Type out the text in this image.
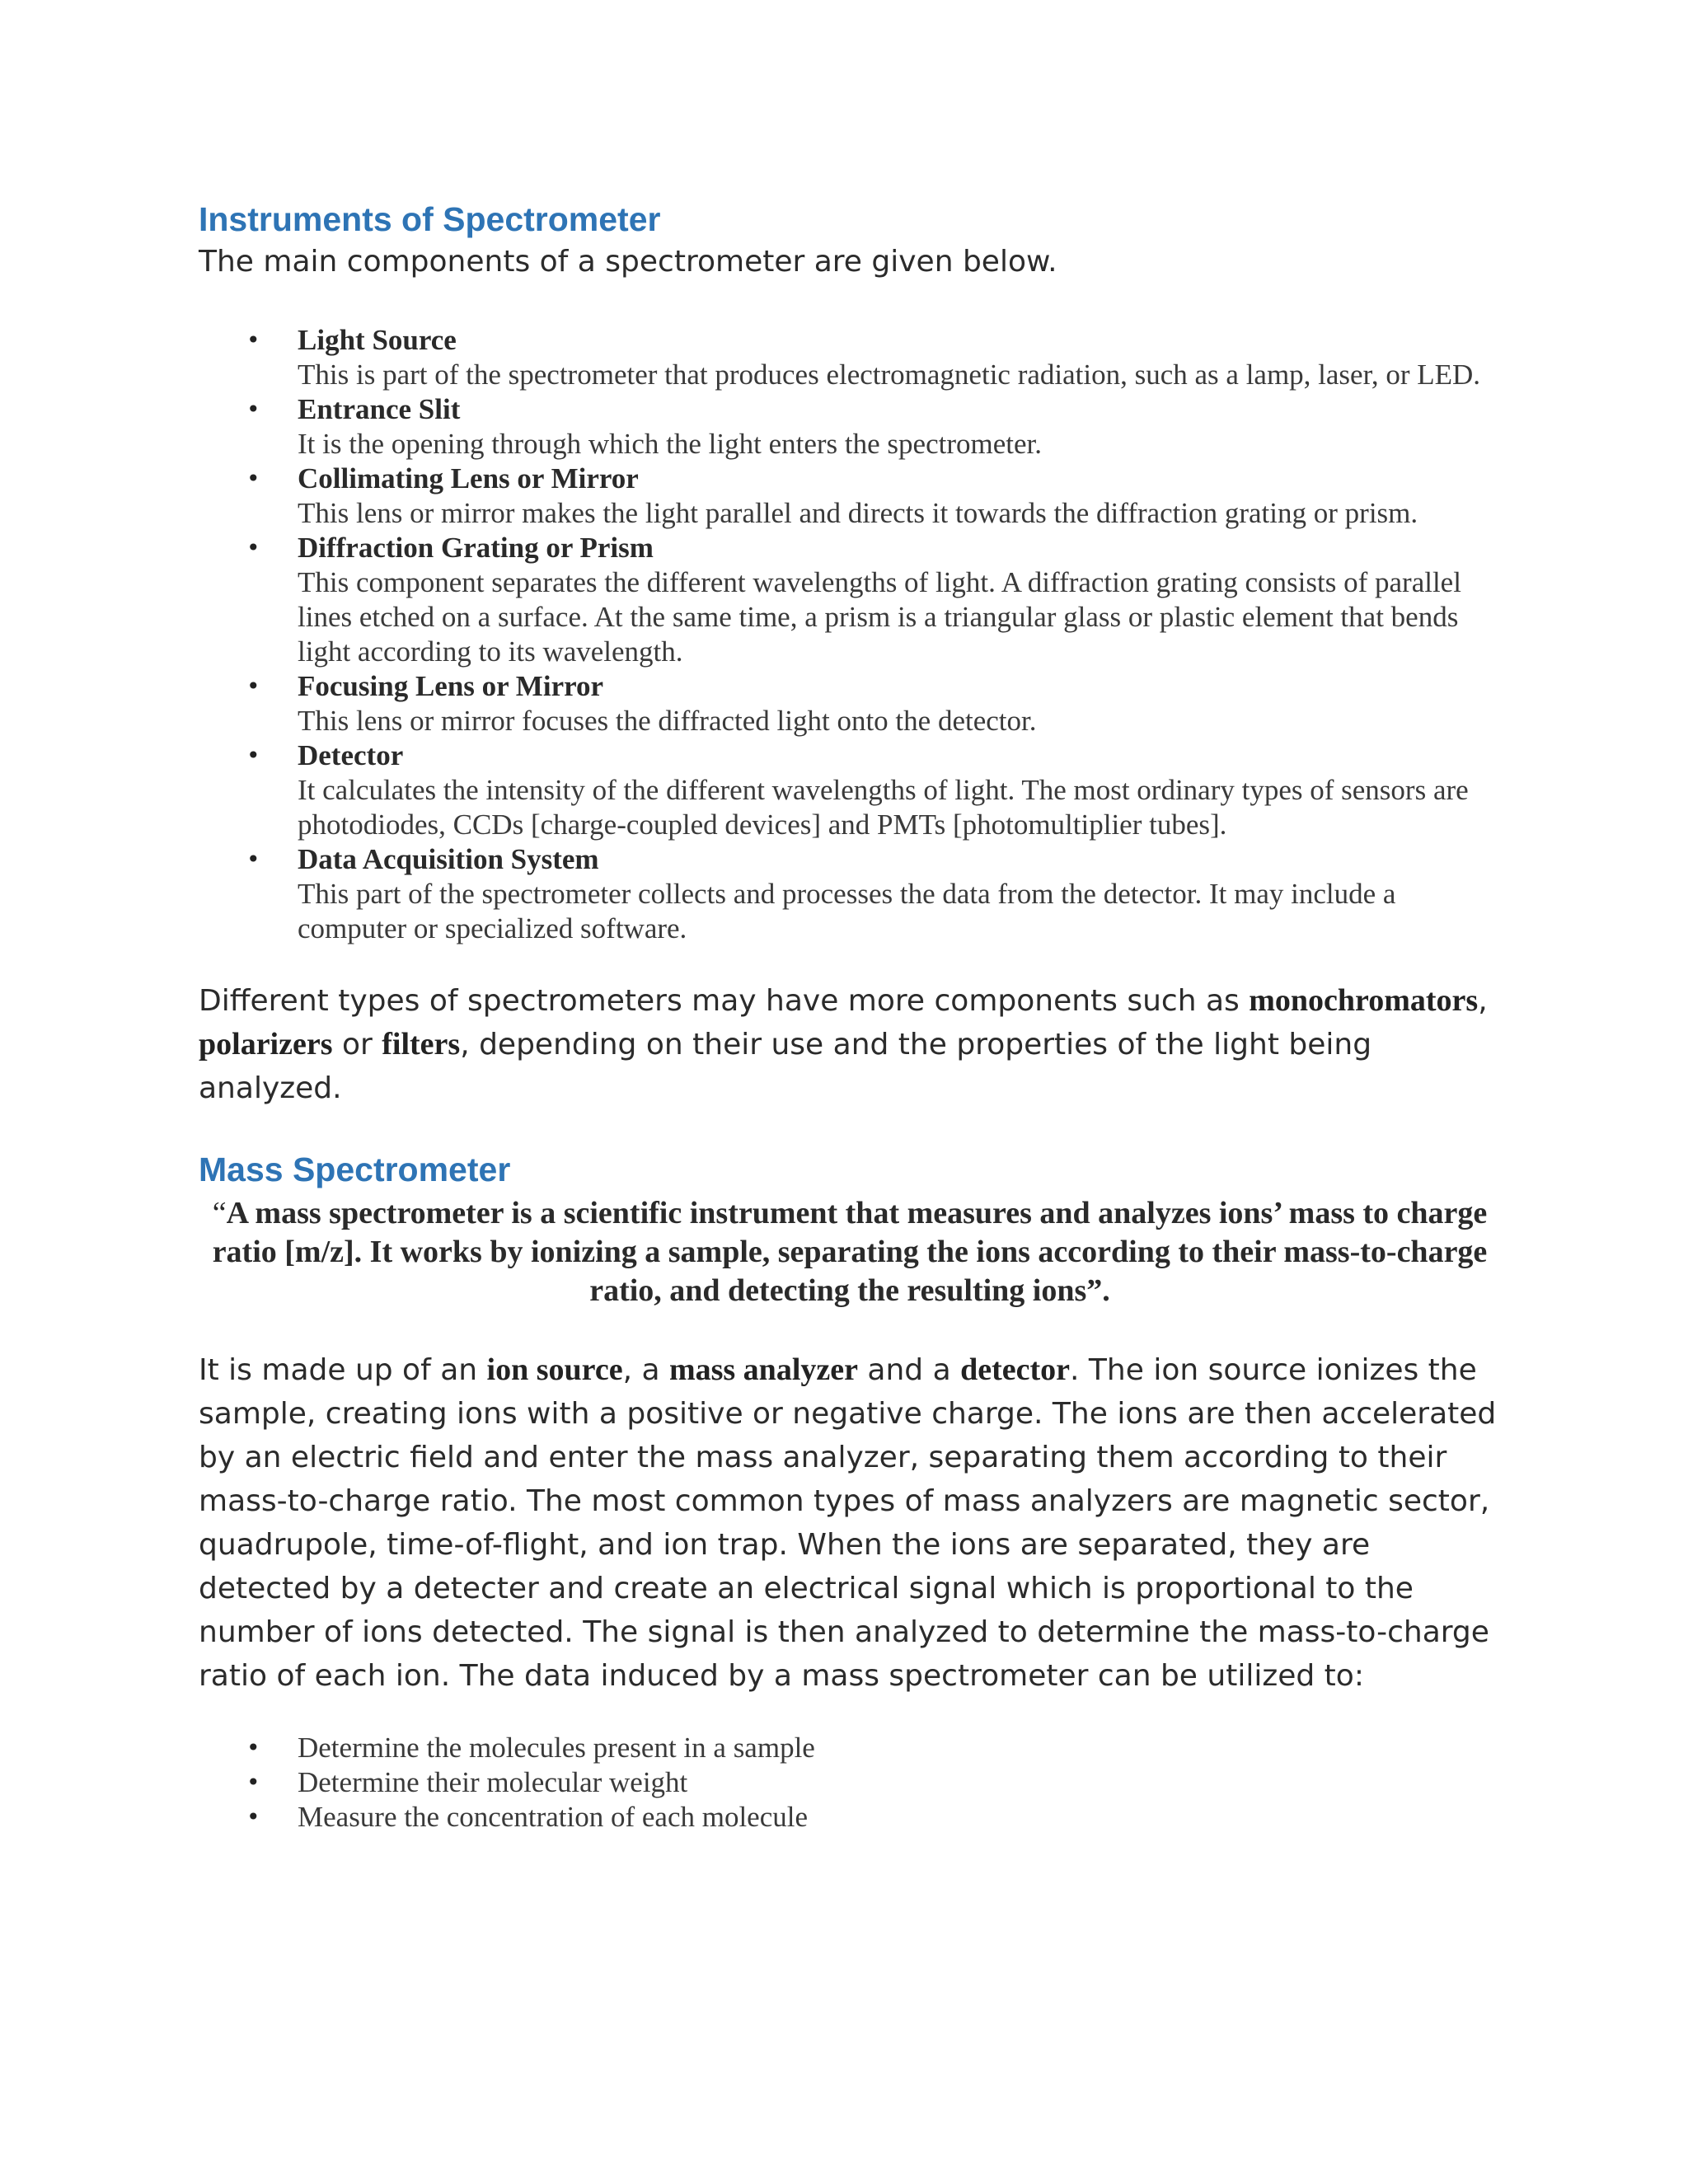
Instruments of Spectrometer

The main components of a spectrometer are given below.

• Light Source
This is part of the spectrometer that produces electromagnetic radiation, such as a lamp, laser, or LED.
• Entrance Slit
It is the opening through which the light enters the spectrometer.
• Collimating Lens or Mirror
This lens or mirror makes the light parallel and directs it towards the diffraction grating or prism.
• Diffraction Grating or Prism
This component separates the different wavelengths of light. A diffraction grating consists of parallel lines etched on a surface. At the same time, a prism is a triangular glass or plastic element that bends light according to its wavelength.
• Focusing Lens or Mirror
This lens or mirror focuses the diffracted light onto the detector.
• Detector
It calculates the intensity of the different wavelengths of light. The most ordinary types of sensors are photodiodes, CCDs [charge-coupled devices] and PMTs [photomultiplier tubes].
• Data Acquisition System
This part of the spectrometer collects and processes the data from the detector. It may include a computer or specialized software.

Different types of spectrometers may have more components such as monochromators, polarizers or filters, depending on their use and the properties of the light being analyzed.

Mass Spectrometer

“A mass spectrometer is a scientific instrument that measures and analyzes ions’ mass to charge ratio [m/z]. It works by ionizing a sample, separating the ions according to their mass-to-charge ratio, and detecting the resulting ions”.

It is made up of an ion source, a mass analyzer and a detector. The ion source ionizes the sample, creating ions with a positive or negative charge. The ions are then accelerated by an electric field and enter the mass analyzer, separating them according to their mass-to-charge ratio. The most common types of mass analyzers are magnetic sector, quadrupole, time-of-flight, and ion trap. When the ions are separated, they are detected by a detecter and create an electrical signal which is proportional to the number of ions detected. The signal is then analyzed to determine the mass-to-charge ratio of each ion. The data induced by a mass spectrometer can be utilized to:

• Determine the molecules present in a sample
• Determine their molecular weight
• Measure the concentration of each molecule
